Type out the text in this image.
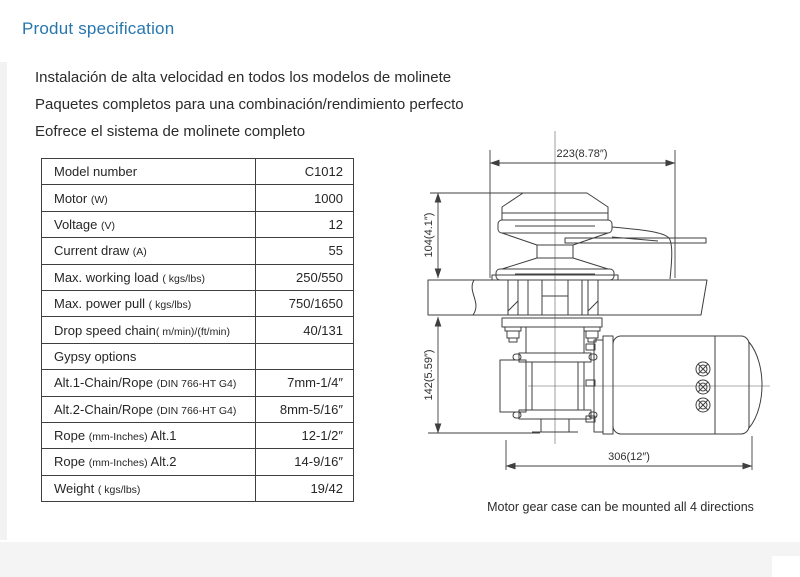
Produt specification
Instalación de alta velocidad en todos los modelos de molinete
Paquetes completos para una combinación/rendimiento perfecto
Eofrece el sistema de molinete completo
Model number	C1012
Motor (W)	1000
Voltage (V)	12
Current draw (A)	55
Max. working load ( kgs/lbs)	250/550
Max. power pull ( kgs/lbs)	750/1650
Drop speed chain( m/min)/(ft/min)	40/131
Gypsy options	
Alt.1-Chain/Rope (DIN 766-HT G4)	7mm-1/4″
Alt.2-Chain/Rope (DIN 766-HT G4)	8mm-5/16″
Rope (mm-Inches) Alt.1	12-1/2″
Rope (mm-Inches) Alt.2	14-9/16″
Weight ( kgs/lbs)	19/42
223(8.78″)
104(4.1″)
142(5.59″)
306(12″)
Motor gear case can be mounted all 4 directions
